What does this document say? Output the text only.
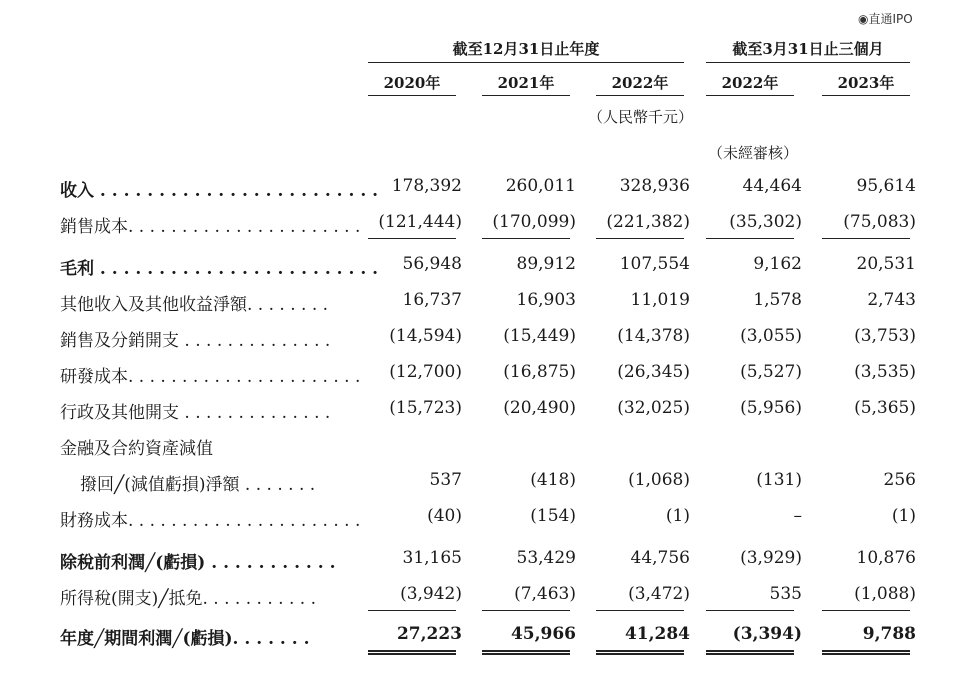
◉直通IPO
截至12月31日止年度	截至3月31日止三個月
2020年	2021年	2022年	2022年	2023年
（人民幣千元）
（未經審核）
收入 . . . . . . . . . . . . . . . . . . . . . . . . 178,392	260,011	328,936	44,464	95,614
銷售成本. . . . . . . . . . . . . . . . . . . . . .	(121,444)	(170,099)	(221,382)	(35,302)	(75,083)
毛利 . . . . . . . . . . . . . . . . . . . . . . . .	56,948	89,912	107,554	9,162	20,531
其他收入及其他收益淨額. . . . . . . .	16,737	16,903	11,019	1,578	2,743
銷售及分銷開支 . . . . . . . . . . . . . .	(14,594)	(15,449)	(14,378)	(3,055)	(3,753)
研發成本. . . . . . . . . . . . . . . . . . . . . .	(12,700)	(16,875)	(26,345)	(5,527)	(3,535)
行政及其他開支 . . . . . . . . . . . . . .	(15,723)	(20,490)	(32,025)	(5,956)	(5,365)
金融及合約資產減值
撥回╱(減值虧損)淨額 . . . . . . .	537	(418)	(1,068)	(131)	256
財務成本. . . . . . . . . . . . . . . . . . . . . .	(40)	(154)	(1)	–	(1)
除稅前利潤╱(虧損) . . . . . . . . . . .	31,165	53,429	44,756	(3,929)	10,876
所得稅(開支)╱抵免. . . . . . . . . . .	(3,942)	(7,463)	(3,472)	535	(1,088)
年度╱期間利潤╱(虧損). . . . . . .	27,223	45,966	41,284	(3,394)	9,788
